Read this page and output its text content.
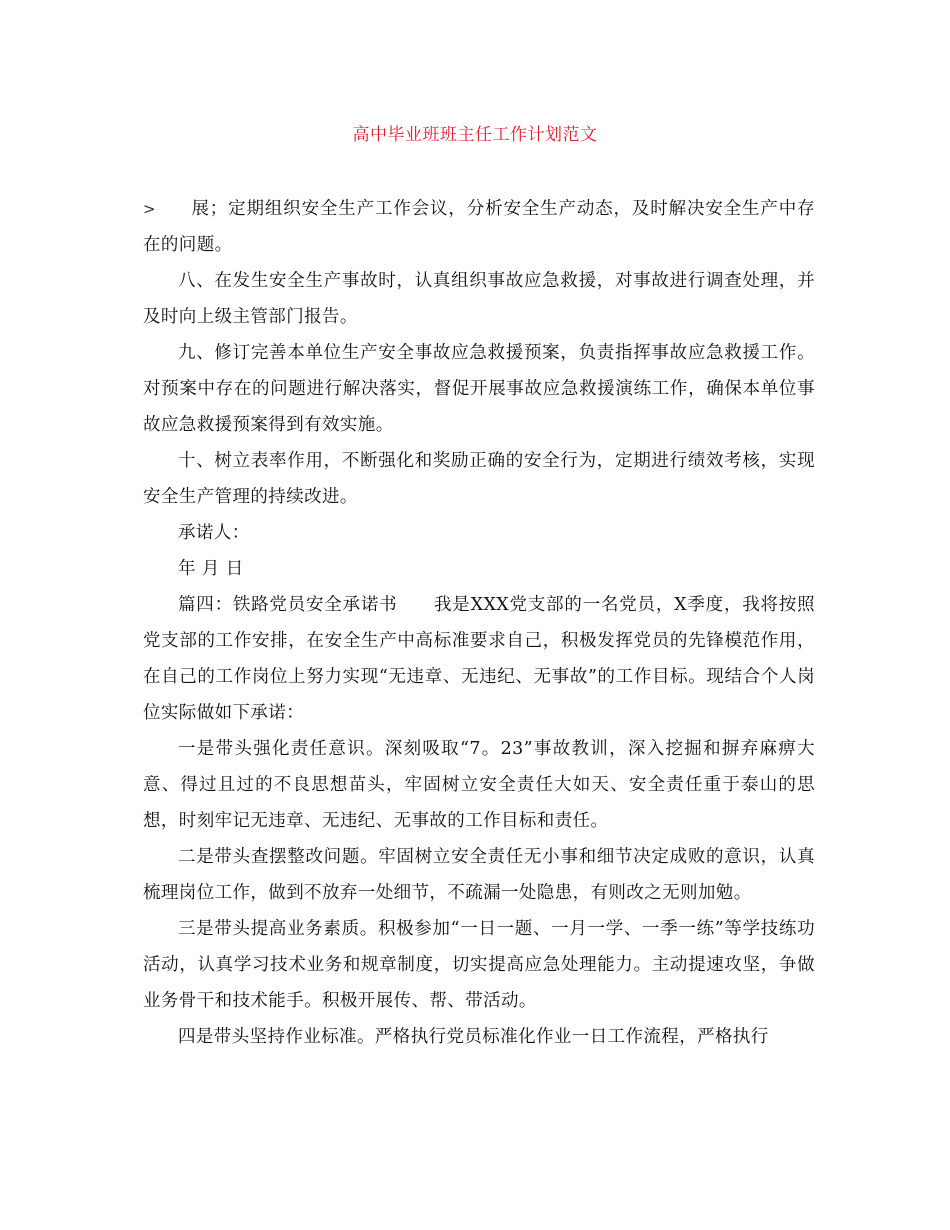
高中毕业班班主任工作计划范文

> 展；定期组织安全生产工作会议，分析安全生产动态，及时解决安全生产中存在的问题。

八、在发生安全生产事故时，认真组织事故应急救援，对事故进行调查处理，并及时向上级主管部门报告。

九、修订完善本单位生产安全事故应急救援预案，负责指挥事故应急救援工作。对预案中存在的问题进行解决落实，督促开展事故应急救援演练工作，确保本单位事故应急救援预案得到有效实施。

十、树立表率作用，不断强化和奖励正确的安全行为，定期进行绩效考核，实现安全生产管理的持续改进。

承诺人：

年 月 日

篇四：铁路党员安全承诺书　　我是XXX党支部的一名党员，X季度，我将按照党支部的工作安排，在安全生产中高标准要求自己，积极发挥党员的先锋模范作用，在自己的工作岗位上努力实现“无违章、无违纪、无事故”的工作目标。现结合个人岗位实际做如下承诺：

一是带头强化责任意识。深刻吸取“7。23”事故教训，深入挖掘和摒弃麻痹大意、得过且过的不良思想苗头，牢固树立安全责任大如天、安全责任重于泰山的思想，时刻牢记无违章、无违纪、无事故的工作目标和责任。

二是带头查摆整改问题。牢固树立安全责任无小事和细节决定成败的意识，认真梳理岗位工作，做到不放弃一处细节，不疏漏一处隐患，有则改之无则加勉。

三是带头提高业务素质。积极参加“一日一题、一月一学、一季一练”等学技练功活动，认真学习技术业务和规章制度，切实提高应急处理能力。主动提速攻坚，争做业务骨干和技术能手。积极开展传、帮、带活动。

四是带头坚持作业标准。严格执行党员标准化作业一日工作流程，严格执行
